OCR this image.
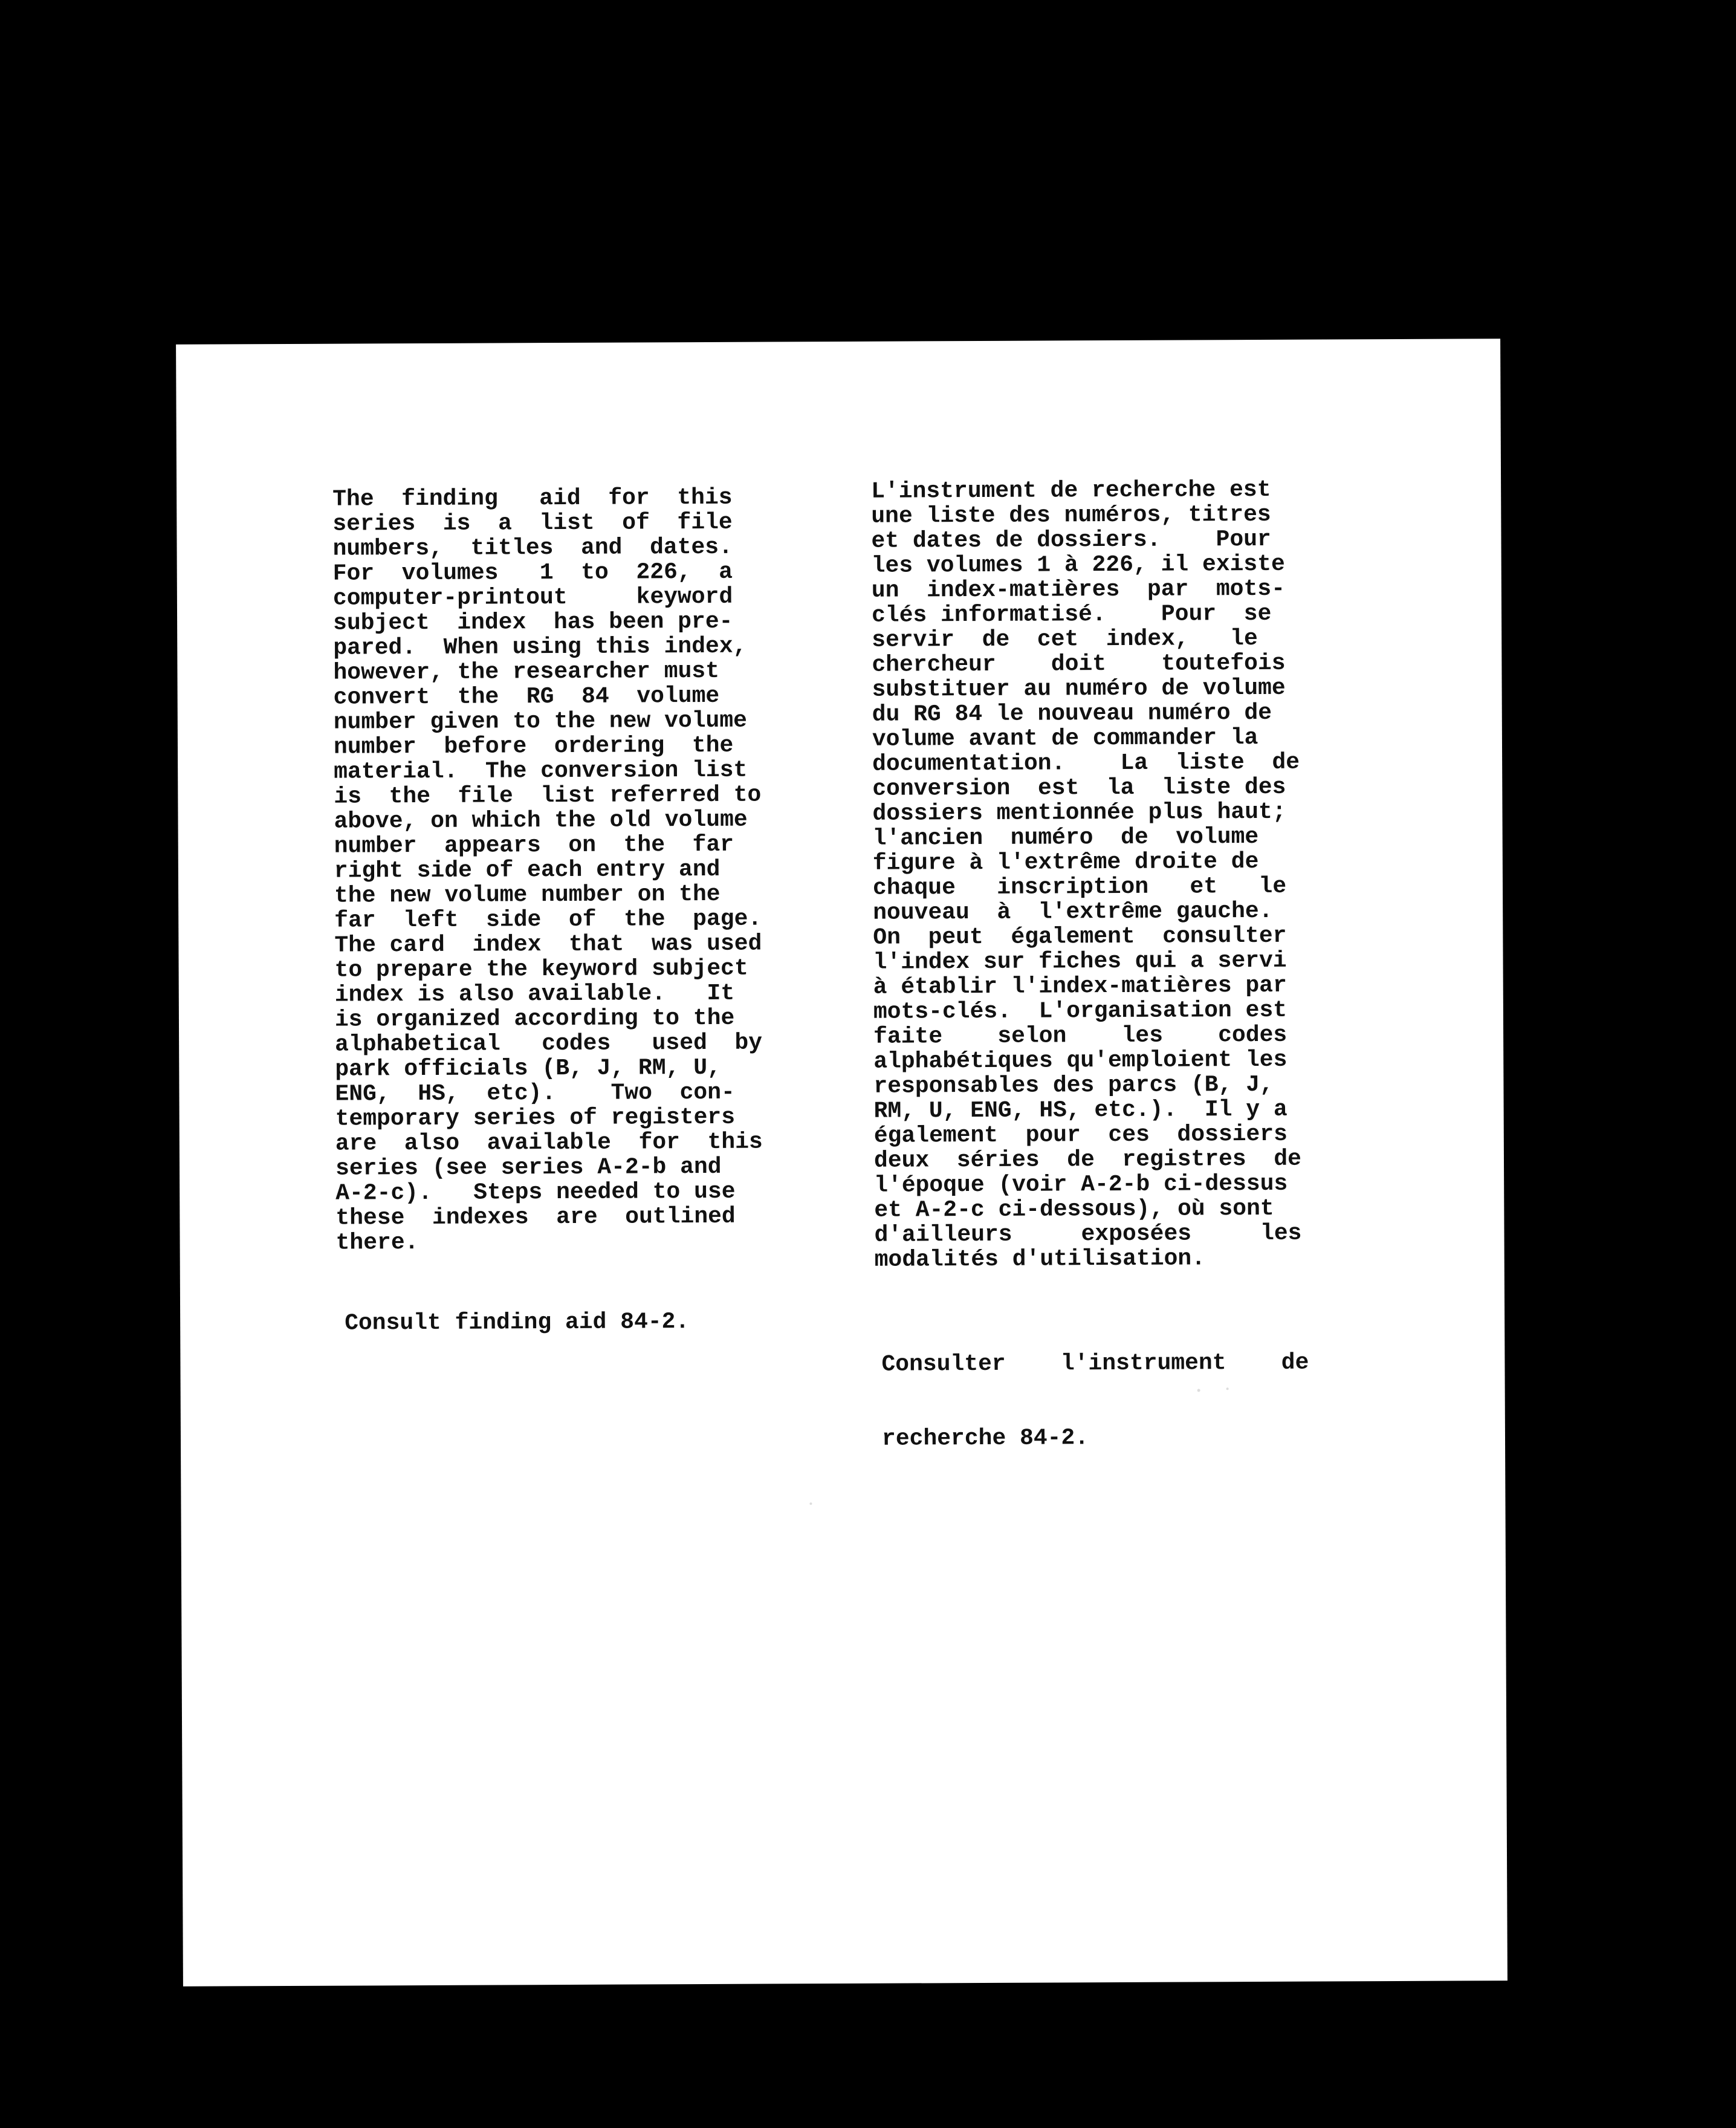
The  finding   aid  for  this
series  is  a  list  of  file
numbers,  titles  and  dates.
For  volumes   1  to  226,  a
computer-printout     keyword
subject  index  has been pre-
pared.  When using this index,
however, the researcher must
convert  the  RG  84  volume
number given to the new volume
number  before  ordering  the
material.  The conversion list
is  the  file  list referred to
above, on which the old volume
number  appears  on  the  far
right side of each entry and
the new volume number on the
far  left  side  of  the  page.
The card  index  that  was used
to prepare the keyword subject
index is also available.   It
is organized according to the
alphabetical   codes   used  by
park officials (B, J, RM, U,
ENG,  HS,  etc).    Two  con-
temporary series of registers
are  also  available  for  this
series (see series A-2-b and
A-2-c).   Steps needed to use
these  indexes  are  outlined
there.
L'instrument de recherche est
une liste des numéros, titres
et dates de dossiers.    Pour
les volumes 1 à 226, il existe
un  index-matières  par  mots-
clés informatisé.    Pour  se
servir  de  cet  index,   le
chercheur    doit    toutefois
substituer au numéro de volume
du RG 84 le nouveau numéro de
volume avant de commander la
documentation.    La  liste  de
conversion  est  la  liste des
dossiers mentionnée plus haut;
l'ancien  numéro  de  volume
figure à l'extrême droite de
chaque   inscription   et   le
nouveau  à  l'extrême gauche.
On  peut  également  consulter
l'index sur fiches qui a servi
à établir l'index-matières par
mots-clés.  L'organisation est
faite    selon    les    codes
alphabétiques qu'emploient les
responsables des parcs (B, J,
RM, U, ENG, HS, etc.).  Il y a
également  pour  ces  dossiers
deux  séries  de  registres  de
l'époque (voir A-2-b ci-dessus
et A-2-c ci-dessous), où sont
d'ailleurs     exposées     les
modalités d'utilisation.
Consult finding aid 84-2.

Consulter    l'instrument    de

recherche 84-2.
